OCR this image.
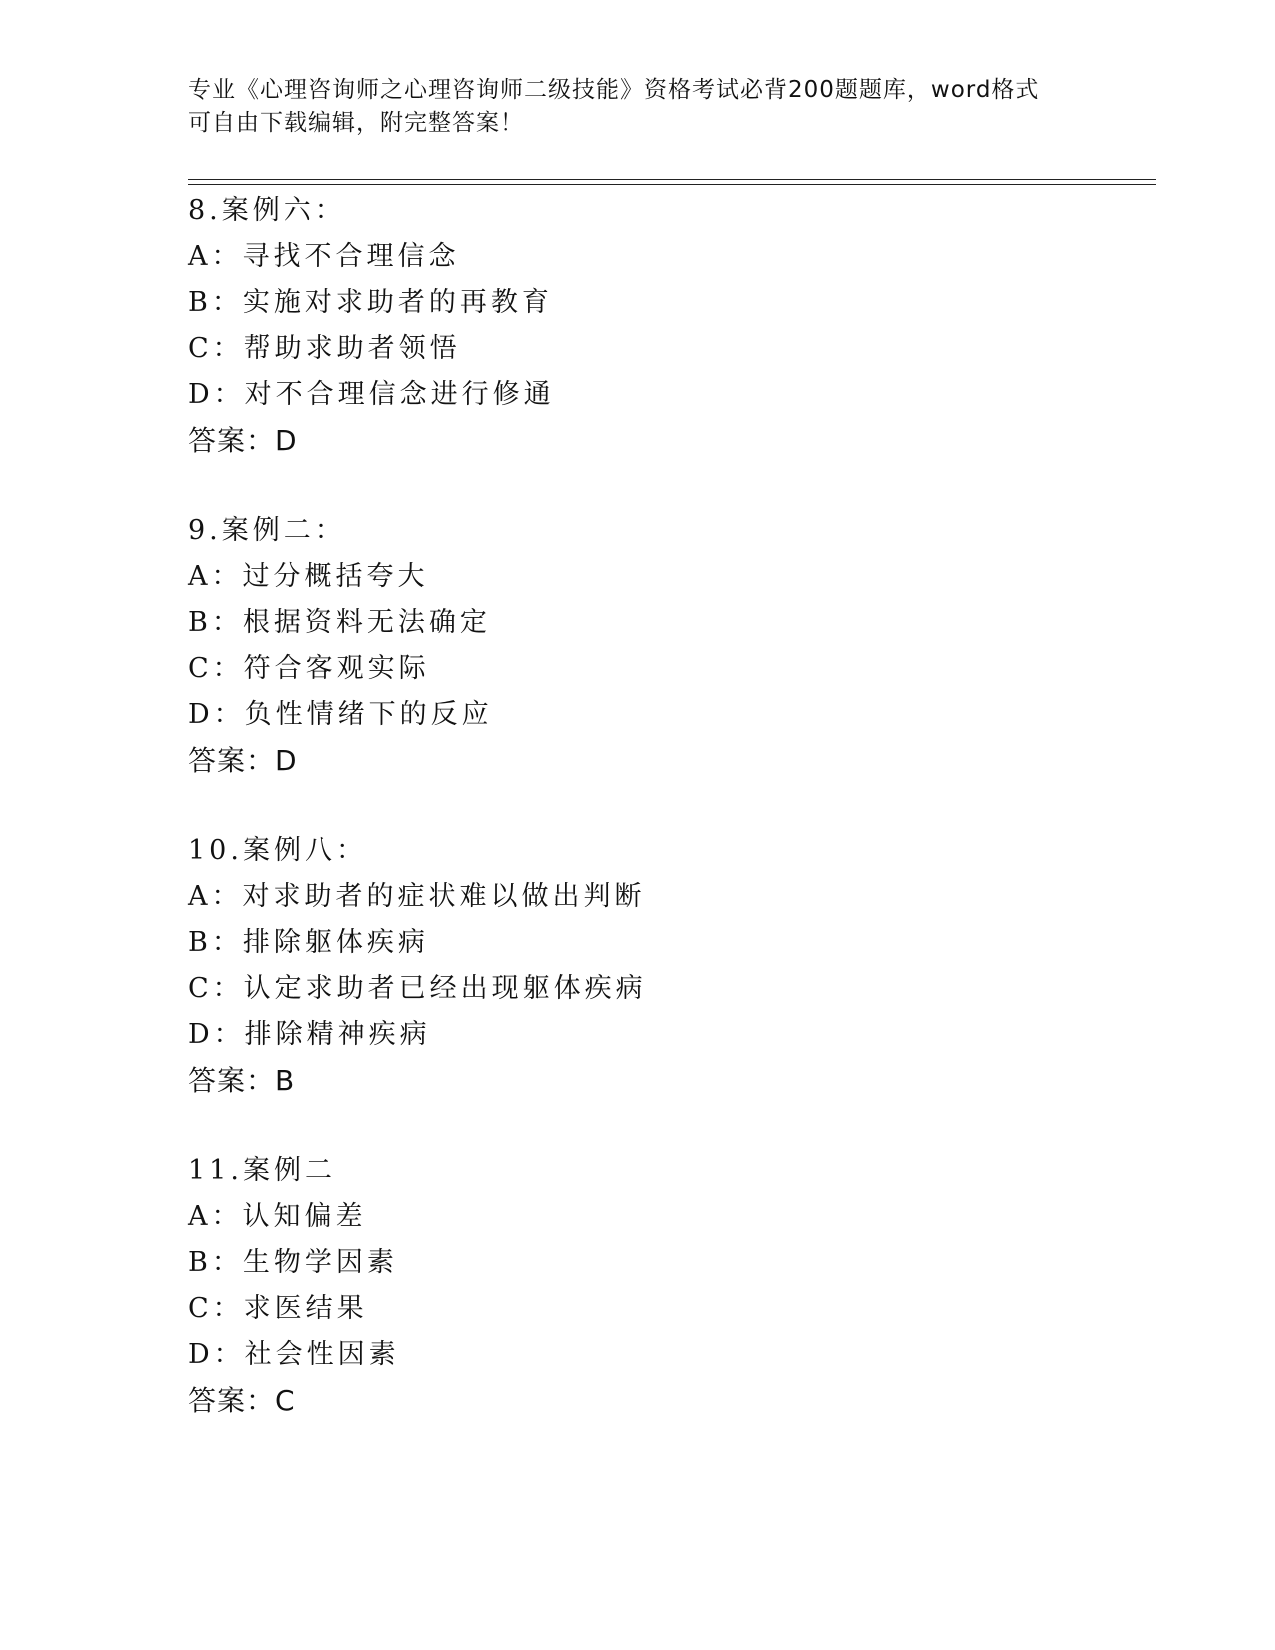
专业《心理咨询师之心理咨询师二级技能》资格考试必背200题题库，word格式
可自由下载编辑，附完整答案！
8.案例六：
A：寻找不合理信念
B：实施对求助者的再教育
C：帮助求助者领悟
D：对不合理信念进行修通
答案：D
9.案例二：
A：过分概括夸大
B：根据资料无法确定
C：符合客观实际
D：负性情绪下的反应
答案：D
10.案例八：
A：对求助者的症状难以做出判断
B：排除躯体疾病
C：认定求助者已经出现躯体疾病
D：排除精神疾病
答案：B
11.案例二
A：认知偏差
B：生物学因素
C：求医结果
D：社会性因素
答案：C
